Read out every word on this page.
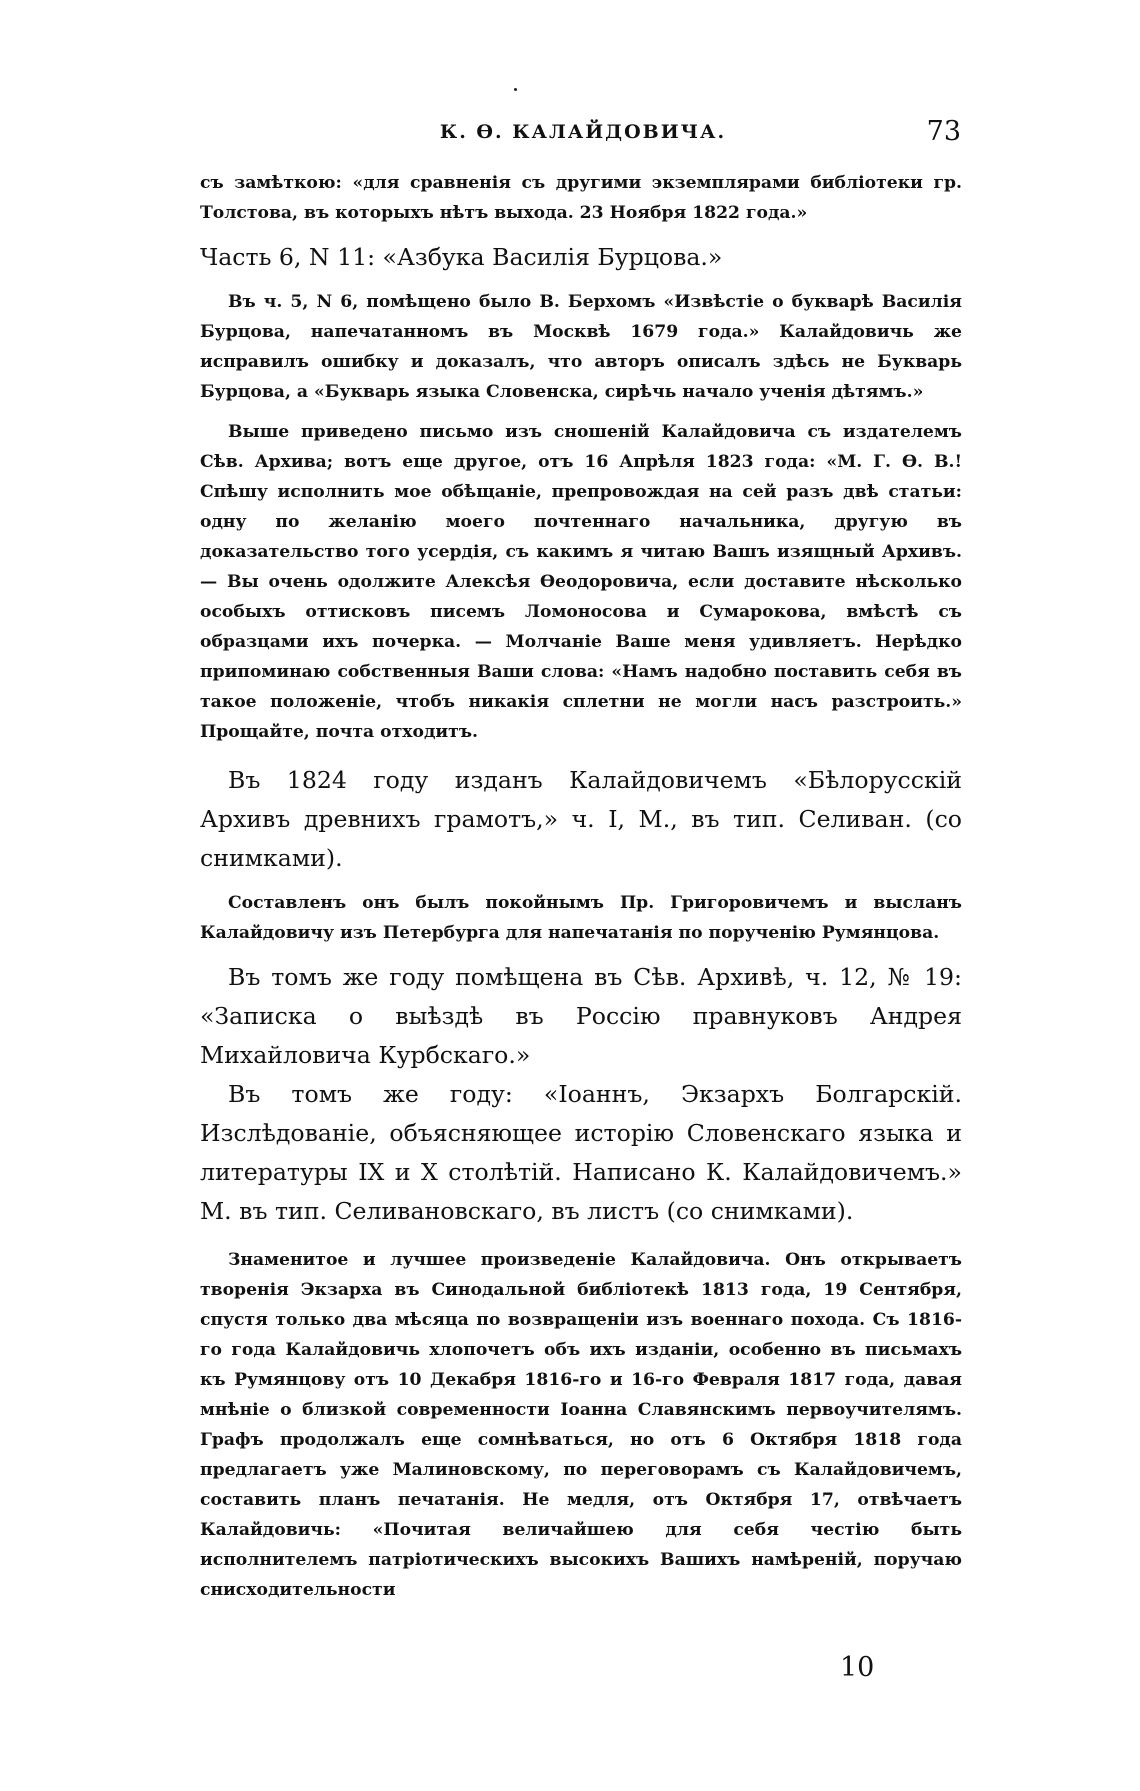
К. Ѳ. КАЛАЙДОВИЧА.	73

съ замѣткою: «для сравненія съ другими экземплярами библіотеки гр. Толстова, въ которыхъ нѣтъ выхода. 23 Ноября 1822 года.»

Часть 6, N 11: «Азбука Василія Бурцова.»

Въ ч. 5, N 6, помѣщено было В. Берхомъ «Извѣстіе о букварѣ Василія Бурцова, напечатанномъ въ Москвѣ 1679 года.» Калайдовичь же исправилъ ошибку и доказалъ, что авторъ описалъ здѣсь не Букварь Бурцова, а «Букварь языка Словенска, сирѣчь начало ученія дѣтямъ.»

Выше приведено письмо изъ сношеній Калайдовича съ издателемъ Сѣв. Архива; вотъ еще другое, отъ 16 Апрѣля 1823 года: «М. Г. Ѳ. В.! Спѣшу исполнить мое обѣщаніе, препровождая на сей разъ двѣ статьи: одну по желанію моего почтеннаго начальника, другую въ доказательство того усердія, съ какимъ я читаю Вашъ изящный Архивъ. — Вы очень одолжите Алексѣя Ѳеодоровича, если доставите нѣсколько особыхъ оттисковъ писемъ Ломоносова и Сумарокова, вмѣстѣ съ образцами ихъ почерка. — Молчаніе Ваше меня удивляетъ. Нерѣдко припоминаю собственныя Ваши слова: «Намъ надобно поставить себя въ такое положеніе, чтобъ никакія сплетни не могли насъ разстроить.» Прощайте, почта отходитъ.

Въ 1824 году изданъ Калайдовичемъ «Бѣлорусскій Архивъ древнихъ грамотъ,» ч. I, М., въ тип. Селиван. (со снимками).

Составленъ онъ былъ покойнымъ Пр. Григоровичемъ и высланъ Калайдовичу изъ Петербурга для напечатанія по порученію Румянцова.

Въ томъ же году помѣщена въ Сѣв. Архивѣ, ч. 12, № 19: «Записка о выѣздѣ въ Россію правнуковъ Андрея Михайловича Курбскаго.»

Въ томъ же году: «Іоаннъ, Экзархъ Болгарскій. Изслѣдованіе, объясняющее исторію Словенскаго языка и литературы IX и X столѣтій. Написано К. Калайдовичемъ.» М. въ тип. Селивановскаго, въ листъ (со снимками).

Знаменитое и лучшее произведеніе Калайдовича. Онъ открываетъ творенія Экзарха въ Синодальной библіотекѣ 1813 года, 19 Сентября, спустя только два мѣсяца по возвращеніи изъ военнаго похода. Съ 1816-го года Калайдовичь хлопочетъ объ ихъ изданіи, особенно въ письмахъ къ Румянцову отъ 10 Декабря 1816-го и 16-го Февраля 1817 года, давая мнѣніе о близкой современности Іоанна Славянскимъ первоучителямъ. Графъ продолжалъ еще сомнѣваться, но отъ 6 Октября 1818 года предлагаетъ уже Малиновскому, по переговорамъ съ Калайдовичемъ, составить планъ печатанія. Не медля, отъ Октября 17, отвѣчаетъ Калайдовичь: «Почитая величайшею для себя честію быть исполнителемъ патріотическихъ высокихъ Вашихъ намѣреній, поручаю снисходительности

10
